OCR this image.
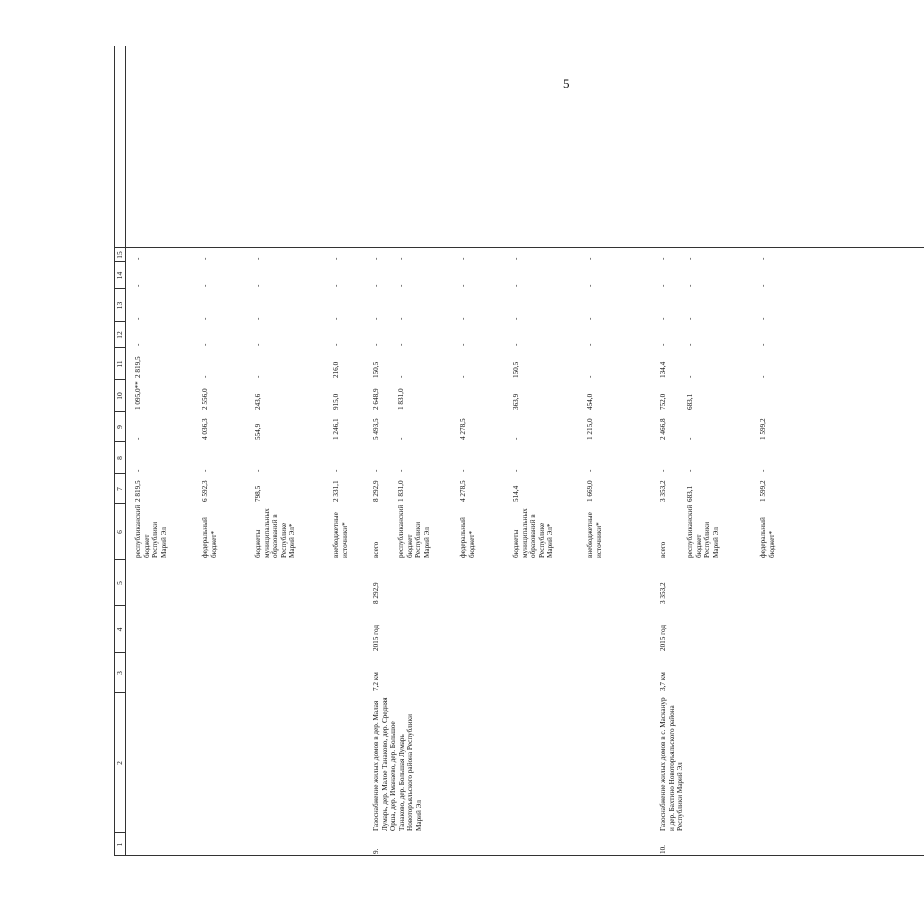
5
1
2
3
4
5
6
7
8
9
10
11
12
13
14
15
республиканский бюджет Республики Марий Эл
2 819,5
-
-
1 095,0**
2 819,5
-
-
-
-
федеральный бюджет*
6 592,3
-
4 036,3
2 556,0
-
-
-
-
-
бюджеты муниципальных образований в Республике Марий Эл*
798,5
-
554,9
243,6
-
-
-
-
-
внебюджетные источники*
2 331,1
-
1 246,1
915,0
216,0
-
-
-
-
9.
Газоснабжение жилых домов в дер. Малая Лумарь, дер. Малое Танаково, дер. Средняя Орша, дер. Иманаево, дер. Большое Танаково, дер. Большая Лумарь Новоторъяльского района Республики Марий Эл
7,2 км
2015 год
8 292,9
всего
8 292,9
-
5 493,5
2 648,9
150,5
-
-
-
-
республиканский бюджет Республики Марий Эл
1 831,0
-
-
1 831,0
-
-
-
-
-
федеральный бюджет*
4 278,5
-
4 278,5
-
-
-
-
-
бюджеты муниципальных образований в Республике Марий Эл*
514,4
-
-
363,9
150,5
-
-
-
-
внебюджетные источники*
1 669,0
-
1 215,0
454,0
-
-
-
-
-
10.
Газоснабжение жилых домов в с. Масканур и дер. Бахтино Новоторъяльского района Республики Марий Эл
3,7 км
2015 год
3 353,2
всего
3 353,2
-
2 466,8
752,0
134,4
-
-
-
-
республиканский бюджет Республики Марий Эл
683,1
-
-
683,1
-
-
-
-
-
федеральный бюджет*
1 599,2
-
1 599,2
-
-
-
-
-
